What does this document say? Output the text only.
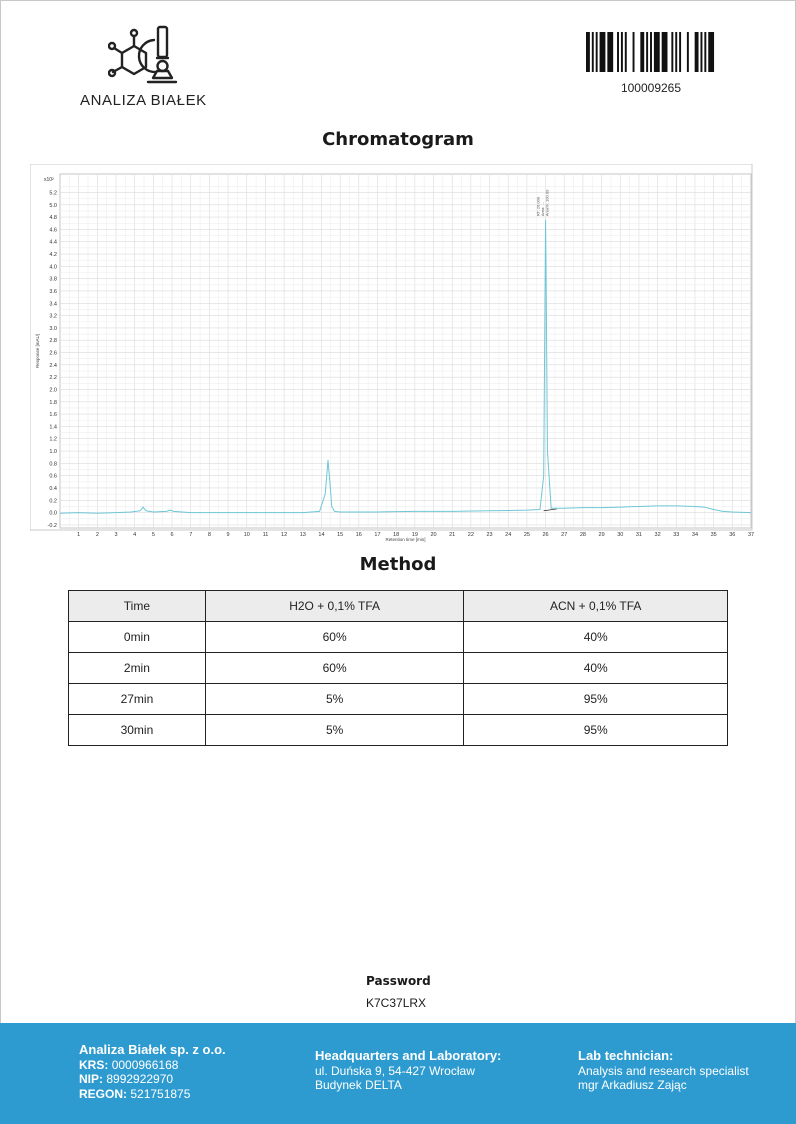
ANALIZA BIAŁEK
100009265
Chromatogram
1	2	3	4	5	6	7	8	9	10 11 12 13 14 15 16 17 18 19 20 21 22 23 24 25 26 27 28 29 30 31 32 33 34 35 36 37
-0.2
0.0
0.2
0.4
0.6
0.8
1.0
1.2
1.4
1.6
1.8
2.0
2.2
2.4
2.6
2.8
3.0
3.2
3.4
3.6
3.8
4.0
4.2
4.4
4.6
4.8
5.0
5.2
Retention time [min]
Response [mAU]
x10²
RT: 26.000 Area: ... Area%: 100.00
Method
Time	H2O + 0,1% TFA	ACN + 0,1% TFA
0min	60%	40%
2min	60%	40%
27min	5%	95%
30min	5%	95%
Password
K7C37LRX
Analiza Białek sp. z o.o.
KRS: 0000966168
NIP: 8992922970
REGON: 521751875
Headquarters and Laboratory:
ul. Duńska 9, 54-427 Wrocław
Budynek DELTA
Lab technician:
Analysis and research specialist
mgr Arkadiusz Zając
